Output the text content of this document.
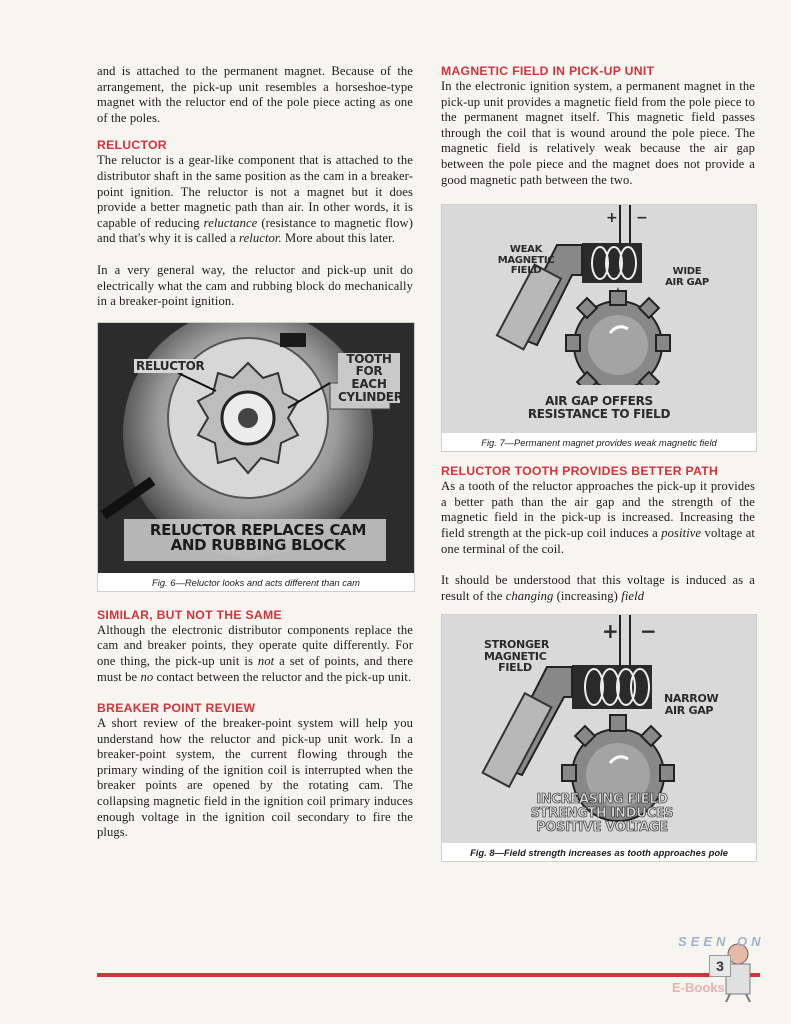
and is attached to the permanent magnet. Because of the arrangement, the pick-up unit resembles a horseshoe-type magnet with the reluctor end of the pole piece acting as one of the poles.

RELUCTOR

The reluctor is a gear-like component that is attached to the distributor shaft in the same position as the cam in a breaker-point ignition. The reluctor is not a magnet but it does provide a better magnetic path than air. In other words, it is capable of reducing reluctance (resistance to magnetic flow) and that's why it is called a reluctor. More about this later.

In a very general way, the reluctor and pick-up unit do electrically what the cam and rubbing block do mechanically in a breaker-point ignition.

RELUCTOR	TOOTH FOR EACH CYLINDER
RELUCTOR REPLACES CAM AND RUBBING BLOCK
Fig. 6—Reluctor looks and acts different than cam
SIMILAR, BUT NOT THE SAME

Although the electronic distributor components replace the cam and breaker points, they operate quite differently. For one thing, the pick-up unit is not a set of points, and there must be no contact between the reluctor and the pick-up unit.

BREAKER POINT REVIEW

A short review of the breaker-point system will help you understand how the reluctor and pick-up unit work. In a breaker-point system, the current flowing through the primary winding of the ignition coil is interrupted when the breaker points are opened by the rotating cam. The collapsing magnetic field in the ignition coil primary induces enough voltage in the ignition coil secondary to fire the plugs.

MAGNETIC FIELD IN PICK-UP UNIT

In the electronic ignition system, a permanent magnet in the pick-up unit provides a magnetic field from the pole piece to the permanent magnet itself. This magnetic field passes through the coil that is wound around the pole piece. The magnetic field is relatively weak because the air gap between the pole piece and the magnet does not provide a good magnetic path between the two.

+ −
WEAK MAGNETIC FIELD	WIDE AIR GAP
AIR GAP OFFERS RESISTANCE TO FIELD
Fig. 7—Permanent magnet provides weak magnetic field
RELUCTOR TOOTH PROVIDES BETTER PATH

As a tooth of the reluctor approaches the pick-up it provides a better path than the air gap and the strength of the magnetic field in the pick-up is increased. Increasing the field strength at the pick-up coil induces a positive voltage at one terminal of the coil.

It should be understood that this voltage is induced as a result of the changing (increasing) field

+ −
STRONGER MAGNETIC FIELD
NARROW AIR GAP
INCREASING FIELD STRENGTH INDUCES POSITIVE VOLTAGE
Fig. 8—Field strength increases as tooth approaches pole
SEEN ON
E-Books
3
